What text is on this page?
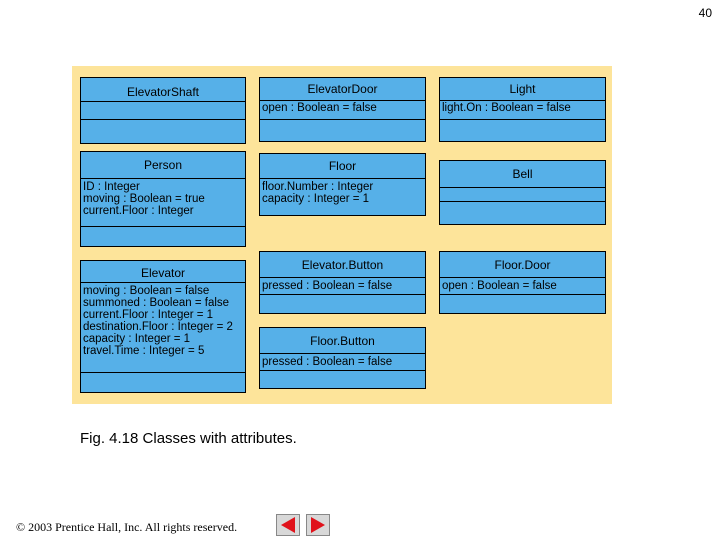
40
ElevatorShaft	ElevatorDoor
open : Boolean = false
Light
light.On : Boolean = false
Person
ID : Integer
moving : Boolean = true
current.Floor : Integer
Floor
floor.Number : Integer
capacity : Integer = 1
Bell
Elevator
moving : Boolean = false
summoned : Boolean = false
current.Floor : Integer = 1
destination.Floor : Integer = 2
capacity : Integer = 1
travel.Time : Integer = 5
Elevator.Button
pressed : Boolean = false
Floor.Door
open : Boolean = false
Floor.Button
pressed : Boolean = false
Fig. 4.18 Classes with attributes.
© 2003 Prentice Hall, Inc. All rights reserved.
